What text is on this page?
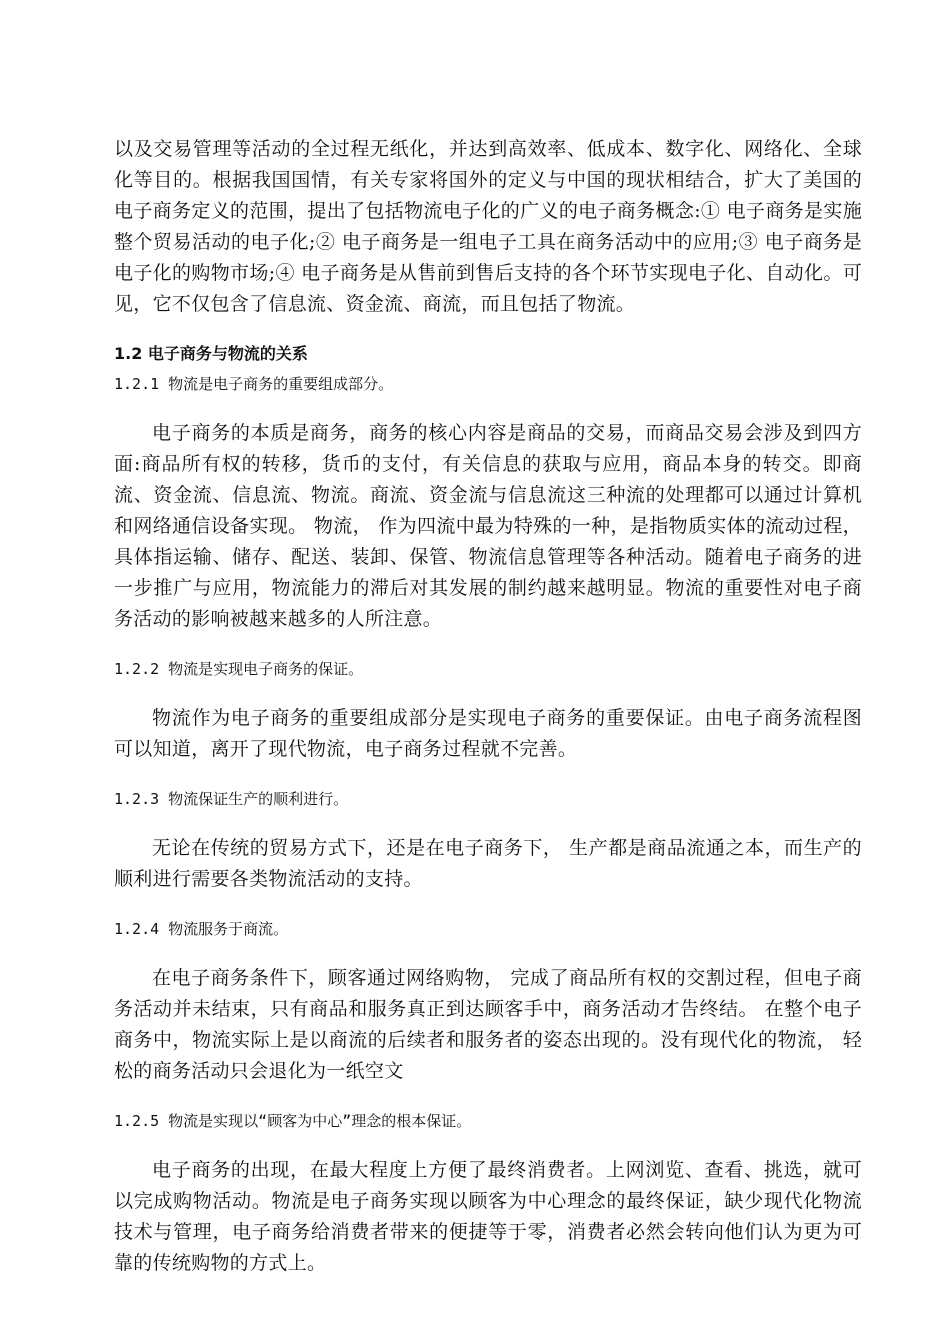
以及交易管理等活动的全过程无纸化，并达到高效率、低成本、数字化、网络化、全球化等目的。根据我国国情，有关专家将国外的定义与中国的现状相结合，扩大了美国的电子商务定义的范围，提出了包括物流电子化的广义的电子商务概念:① 电子商务是实施整个贸易活动的电子化;② 电子商务是一组电子工具在商务活动中的应用;③ 电子商务是电子化的购物市场;④ 电子商务是从售前到售后支持的各个环节实现电子化、自动化。可见，它不仅包含了信息流、资金流、商流，而且包括了物流。

1.2 电子商务与物流的关系

1.2.1 物流是电子商务的重要组成部分。

电子商务的本质是商务，商务的核心内容是商品的交易，而商品交易会涉及到四方面:商品所有权的转移，货币的支付，有关信息的获取与应用，商品本身的转交。即商流、资金流、信息流、物流。商流、资金流与信息流这三种流的处理都可以通过计算机和网络通信设备实现。 物流， 作为四流中最为特殊的一种，是指物质实体的流动过程，具体指运输、储存、配送、装卸、保管、物流信息管理等各种活动。随着电子商务的进一步推广与应用，物流能力的滞后对其发展的制约越来越明显。物流的重要性对电子商务活动的影响被越来越多的人所注意。

1.2.2 物流是实现电子商务的保证。

物流作为电子商务的重要组成部分是实现电子商务的重要保证。由电子商务流程图可以知道，离开了现代物流，电子商务过程就不完善。

1.2.3 物流保证生产的顺利进行。

无论在传统的贸易方式下，还是在电子商务下， 生产都是商品流通之本，而生产的顺利进行需要各类物流活动的支持。

1.2.4 物流服务于商流。

在电子商务条件下，顾客通过网络购物， 完成了商品所有权的交割过程，但电子商务活动并未结束，只有商品和服务真正到达顾客手中，商务活动才告终结。 在整个电子商务中，物流实际上是以商流的后续者和服务者的姿态出现的。没有现代化的物流， 轻松的商务活动只会退化为一纸空文

1.2.5 物流是实现以“顾客为中心”理念的根本保证。

电子商务的出现，在最大程度上方便了最终消费者。上网浏览、查看、挑选，就可以完成购物活动。物流是电子商务实现以顾客为中心理念的最终保证，缺少现代化物流技术与管理，电子商务给消费者带来的便捷等于零，消费者必然会转向他们认为更为可靠的传统购物的方式上。
